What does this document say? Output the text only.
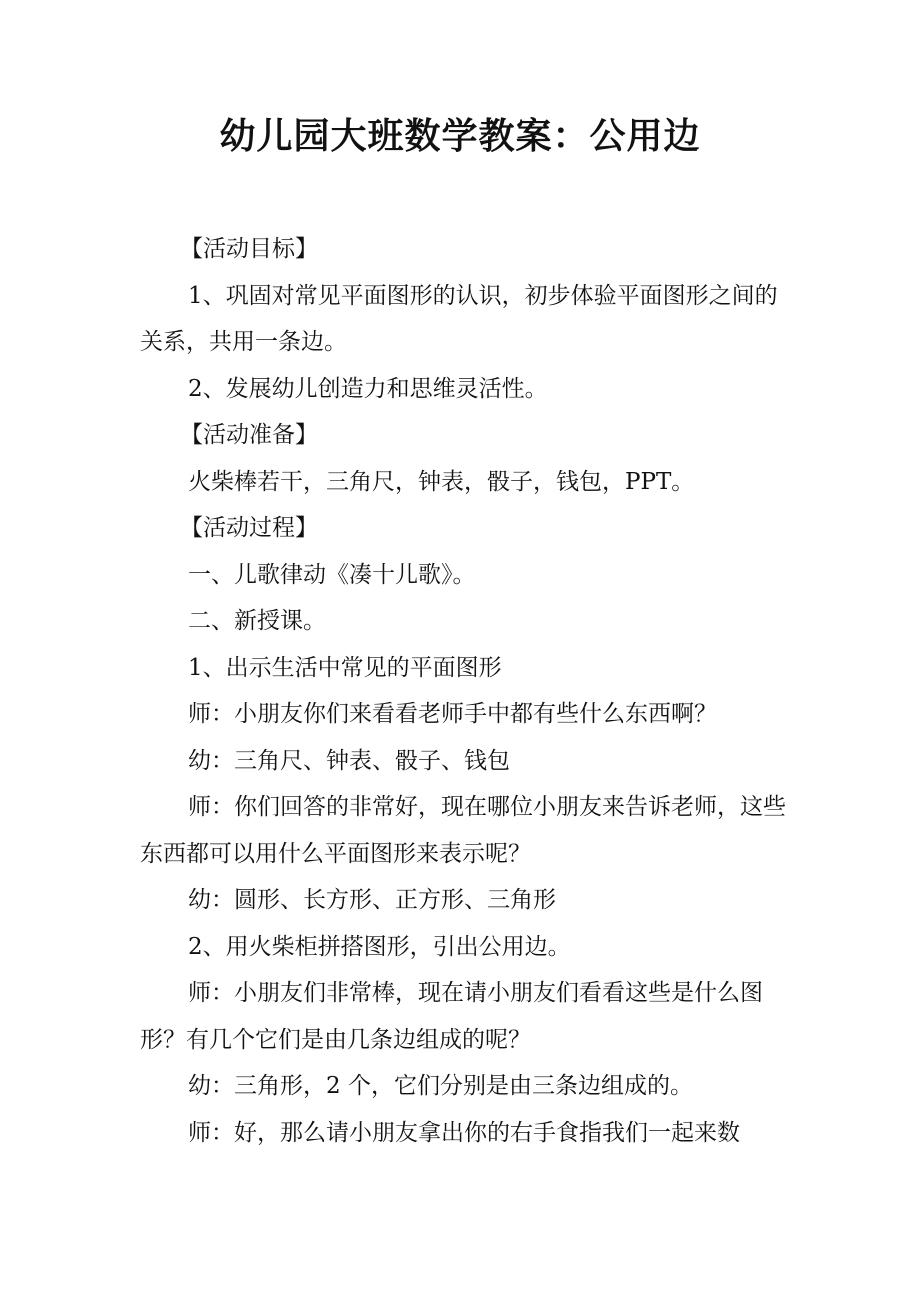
幼儿园大班数学教案：公用边

【活动目标】

1、巩固对常见平面图形的认识，初步体验平面图形之间的关系，共用一条边。

2、发展幼儿创造力和思维灵活性。

【活动准备】

火柴棒若干，三角尺，钟表，骰子，钱包，PPT。

【活动过程】

一、儿歌律动《凑十儿歌》。

二、新授课。

1、出示生活中常见的平面图形

师：小朋友你们来看看老师手中都有些什么东西啊？

幼：三角尺、钟表、骰子、钱包

师：你们回答的非常好，现在哪位小朋友来告诉老师，这些东西都可以用什么平面图形来表示呢？

幼：圆形、长方形、正方形、三角形

2、用火柴柜拼搭图形，引出公用边。

师：小朋友们非常棒，现在请小朋友们看看这些是什么图形？有几个它们是由几条边组成的呢？

幼：三角形，2 个，它们分别是由三条边组成的。

师：好，那么请小朋友拿出你的右手食指我们一起来数
